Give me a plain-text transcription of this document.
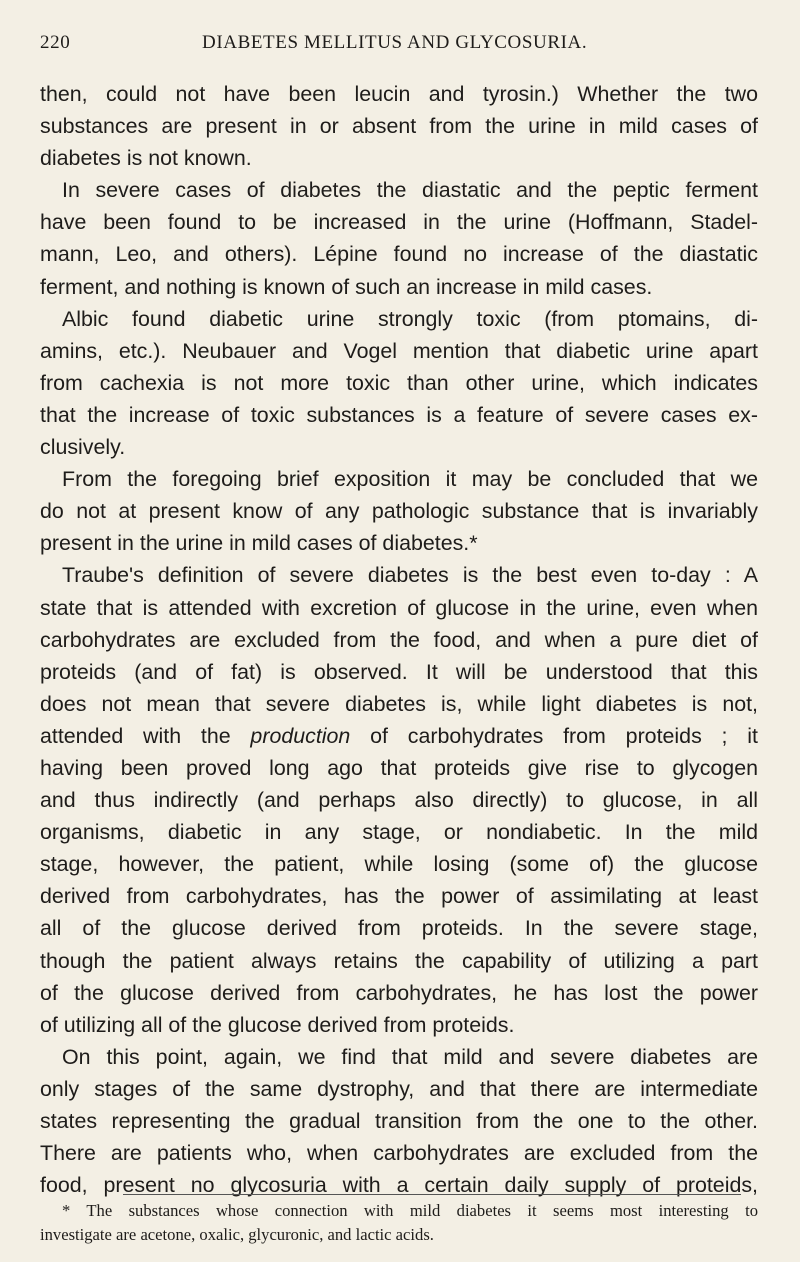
220	DIABETES MELLITUS AND GLYCOSURIA.
then, could not have been leucin and tyrosin.) Whether the two
substances are present in or absent from the urine in mild cases of
diabetes is not known.
In severe cases of diabetes the diastatic and the peptic ferment
have been found to be increased in the urine (Hoffmann, Stadel-
mann, Leo, and others). Lépine found no increase of the diastatic
ferment, and nothing is known of such an increase in mild cases.
Albic found diabetic urine strongly toxic (from ptomains, di-
amins, etc.). Neubauer and Vogel mention that diabetic urine apart
from cachexia is not more toxic than other urine, which indicates
that the increase of toxic substances is a feature of severe cases ex-
clusively.
From the foregoing brief exposition it may be concluded that we
do not at present know of any pathologic substance that is invariably
present in the urine in mild cases of diabetes.*
Traube's definition of severe diabetes is the best even to-day : A
state that is attended with excretion of glucose in the urine, even when
carbohydrates are excluded from the food, and when a pure diet of
proteids (and of fat) is observed. It will be understood that this
does not mean that severe diabetes is, while light diabetes is not,
attended with the production of carbohydrates from proteids ; it
having been proved long ago that proteids give rise to glycogen
and thus indirectly (and perhaps also directly) to glucose, in all
organisms, diabetic in any stage, or nondiabetic. In the mild
stage, however, the patient, while losing (some of) the glucose
derived from carbohydrates, has the power of assimilating at least
all of the glucose derived from proteids. In the severe stage,
though the patient always retains the capability of utilizing a part
of the glucose derived from carbohydrates, he has lost the power
of utilizing all of the glucose derived from proteids.
On this point, again, we find that mild and severe diabetes are
only stages of the same dystrophy, and that there are intermediate
states representing the gradual transition from the one to the other.
There are patients who, when carbohydrates are excluded from the
food, present no glycosuria with a certain daily supply of proteids,
* The substances whose connection with mild diabetes it seems most interesting to
investigate are acetone, oxalic, glycuronic, and lactic acids.
